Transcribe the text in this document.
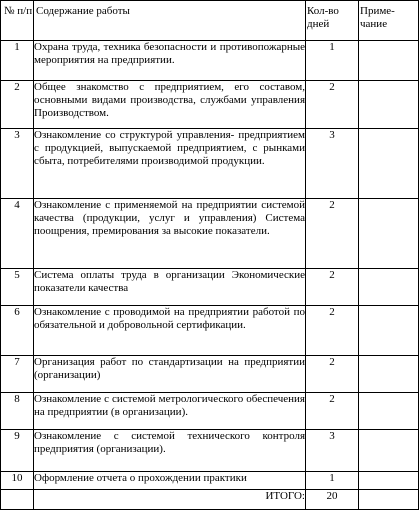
№ п/п	Содержание работы	Кол-во дней	Приме-чание
1	Охрана труда, техника безопасности и противопожарные мероприятия на предприятии.	1	
2	Общее знакомство с предприятием, его составом, основными видами производства, службами управления Производством.	2	
3	Ознакомление со структурой управления- предприятием с продукцией, выпускаемой предприятием, с рынками сбыта, потребителями производимой продукции.	3	
4	Ознакомление с применяемой на предприятии системой качества (продукции, услуг и управления) Система поощрения, премирования за высокие показатели.	2	
5	Система оплаты труда в организации Экономические показатели качества	2	
6	Ознакомление с проводимой на предприятии работой по обязательной и добровольной сертификации.	2	
7	Организация работ по стандартизации на предприятии (организации)	2	
8	Ознакомление с системой метрологического обеспечения на предприятии (в организации).	2	
9	Ознакомление с системой технического контроля предприятия (организации).	3	
10	Оформление отчета о прохождении практики	1	
	ИТОГО:	20	
